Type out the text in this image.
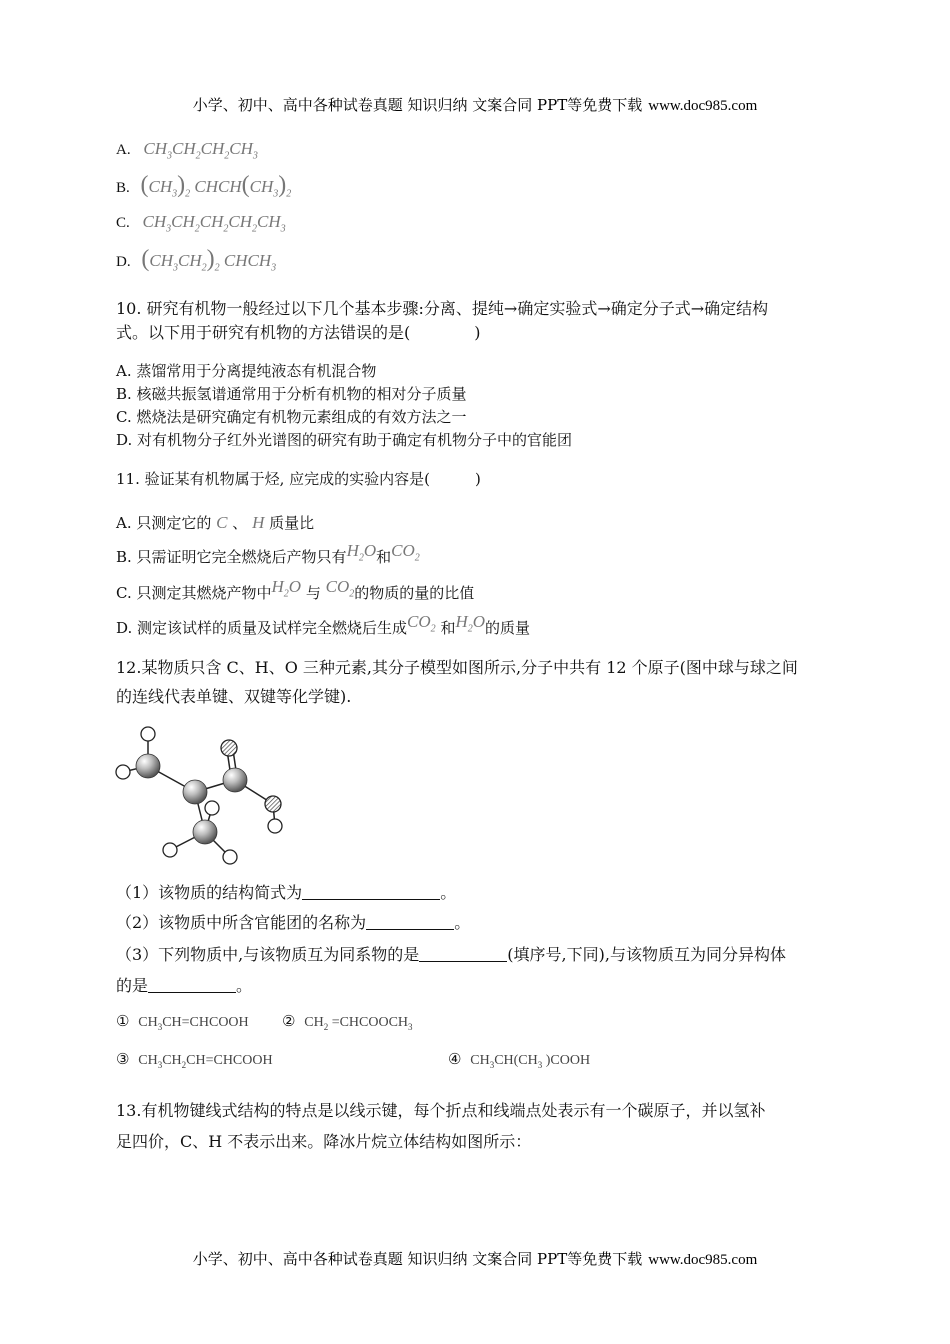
小学、初中、高中各种试卷真题 知识归纳 文案合同 PPT等免费下载 www.doc985.com
A. $CH_3CH_2CH_2CH_3$
B. $(CH_3)_2$ $CHCH(CH_3)_2$
C. $CH_3CH_2CH_2CH_2CH_3$
D. $(CH_3CH_2)_2$ $CHCH_3$
10. 研究有机物一般经过以下几个基本步骤:分离、提纯→确定实验式→确定分子式→确定结构
式。以下用于研究有机物的方法错误的是(　　　　)
A. 蒸馏常用于分离提纯液态有机混合物
B. 核磁共振氢谱通常用于分析有机物的相对分子质量
C. 燃烧法是研究确定有机物元素组成的有效方法之一
D. 对有机物分子红外光谱图的研究有助于确定有机物分子中的官能团
11. 验证某有机物属于烃, 应完成的实验内容是(　　　)
A. 只测定它的 C 、 H 质量比
B. 只需证明它完全燃烧后产物只有$H_2O$和$CO_2$
C. 只测定其燃烧产物中$H_2O$ 与 $CO_2$的物质的量的比值
D. 测定该试样的质量及试样完全燃烧后生成$CO_2$ 和$H_2O$的质量
12.某物质只含 C、H、O 三种元素,其分子模型如图所示,分子中共有 12 个原子(图中球与球之间
的连线代表单键、双键等化学键).
（1）该物质的结构简式为	。
（2）该物质中所含官能团的名称为	。
（3）下列物质中,与该物质互为同系物的是	(填序号,下同),与该物质互为同分异构体
的是	。
① $CH_3CH=CHCOOH$ ② $CH_2$ $=CHCOOCH_3$
③ $CH_3CH_2CH=CHCOOH$	④ $CH_3CH(CH_3$ )COOH
13.有机物键线式结构的特点是以线示键，每个折点和线端点处表示有一个碳原子，并以氢补
足四价，C、H 不表示出来。降冰片烷立体结构如图所示：
小学、初中、高中各种试卷真题 知识归纳 文案合同 PPT等免费下载 www.doc985.com
